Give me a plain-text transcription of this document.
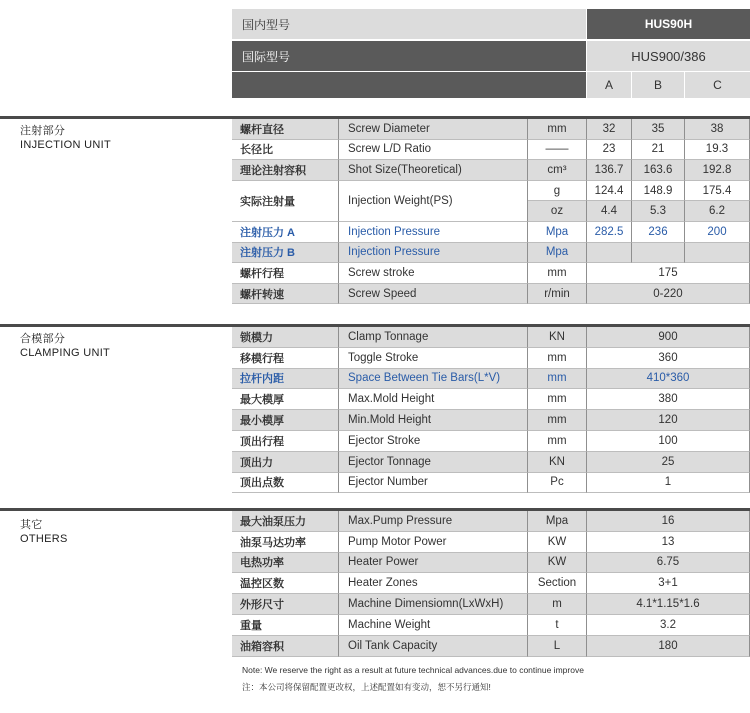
国内型号	HUS90H
国际型号	HUS900/386
A	B	C
注射部分
INJECTION UNIT
合模部分
CLAMPING UNIT
其它
OTHERS
螺杆直径	Screw Diameter	mm	32	35	38
长径比	Screw L/D Ratio	——	23	21	19.3
理论注射容积	Shot Size(Theoretical)	cm³	136.7	163.6	192.8
实际注射量	Injection Weight(PS)
g	124.4	148.9	175.4
oz	4.4	5.3	6.2
注射压力 A	Injection Pressure	Mpa	282.5	236	200
注射压力 B	Injection Pressure	Mpa
螺杆行程	Screw stroke	mm	175
螺杆转速	Screw Speed	r/min	0-220
锁模力	Clamp Tonnage	KN	900
移模行程	Toggle Stroke	mm	360
拉杆内距	Space Between Tie Bars(L*V)	mm	410*360
最大模厚	Max.Mold Height	mm	380
最小模厚	Min.Mold Height	mm	120
顶出行程	Ejector Stroke	mm	100
顶出力	Ejector Tonnage	KN	25
顶出点数	Ejector Number	Pc	1
最大油泵压力	Max.Pump Pressure	Mpa	16
油泵马达功率	Pump Motor Power	KW	13
电热功率	Heater Power	KW	6.75
温控区数	Heater Zones	Section	3+1
外形尺寸	Machine Dimensiomn(LxWxH)	m	4.1*1.15*1.6
重量	Machine Weight	t	3.2
油箱容积	Oil Tank Capacity	L	180
Note: We reserve the right as a result at future technical advances.due to continue improve
注：本公司将保留配置更改权，上述配置如有变动，恕不另行通知!
